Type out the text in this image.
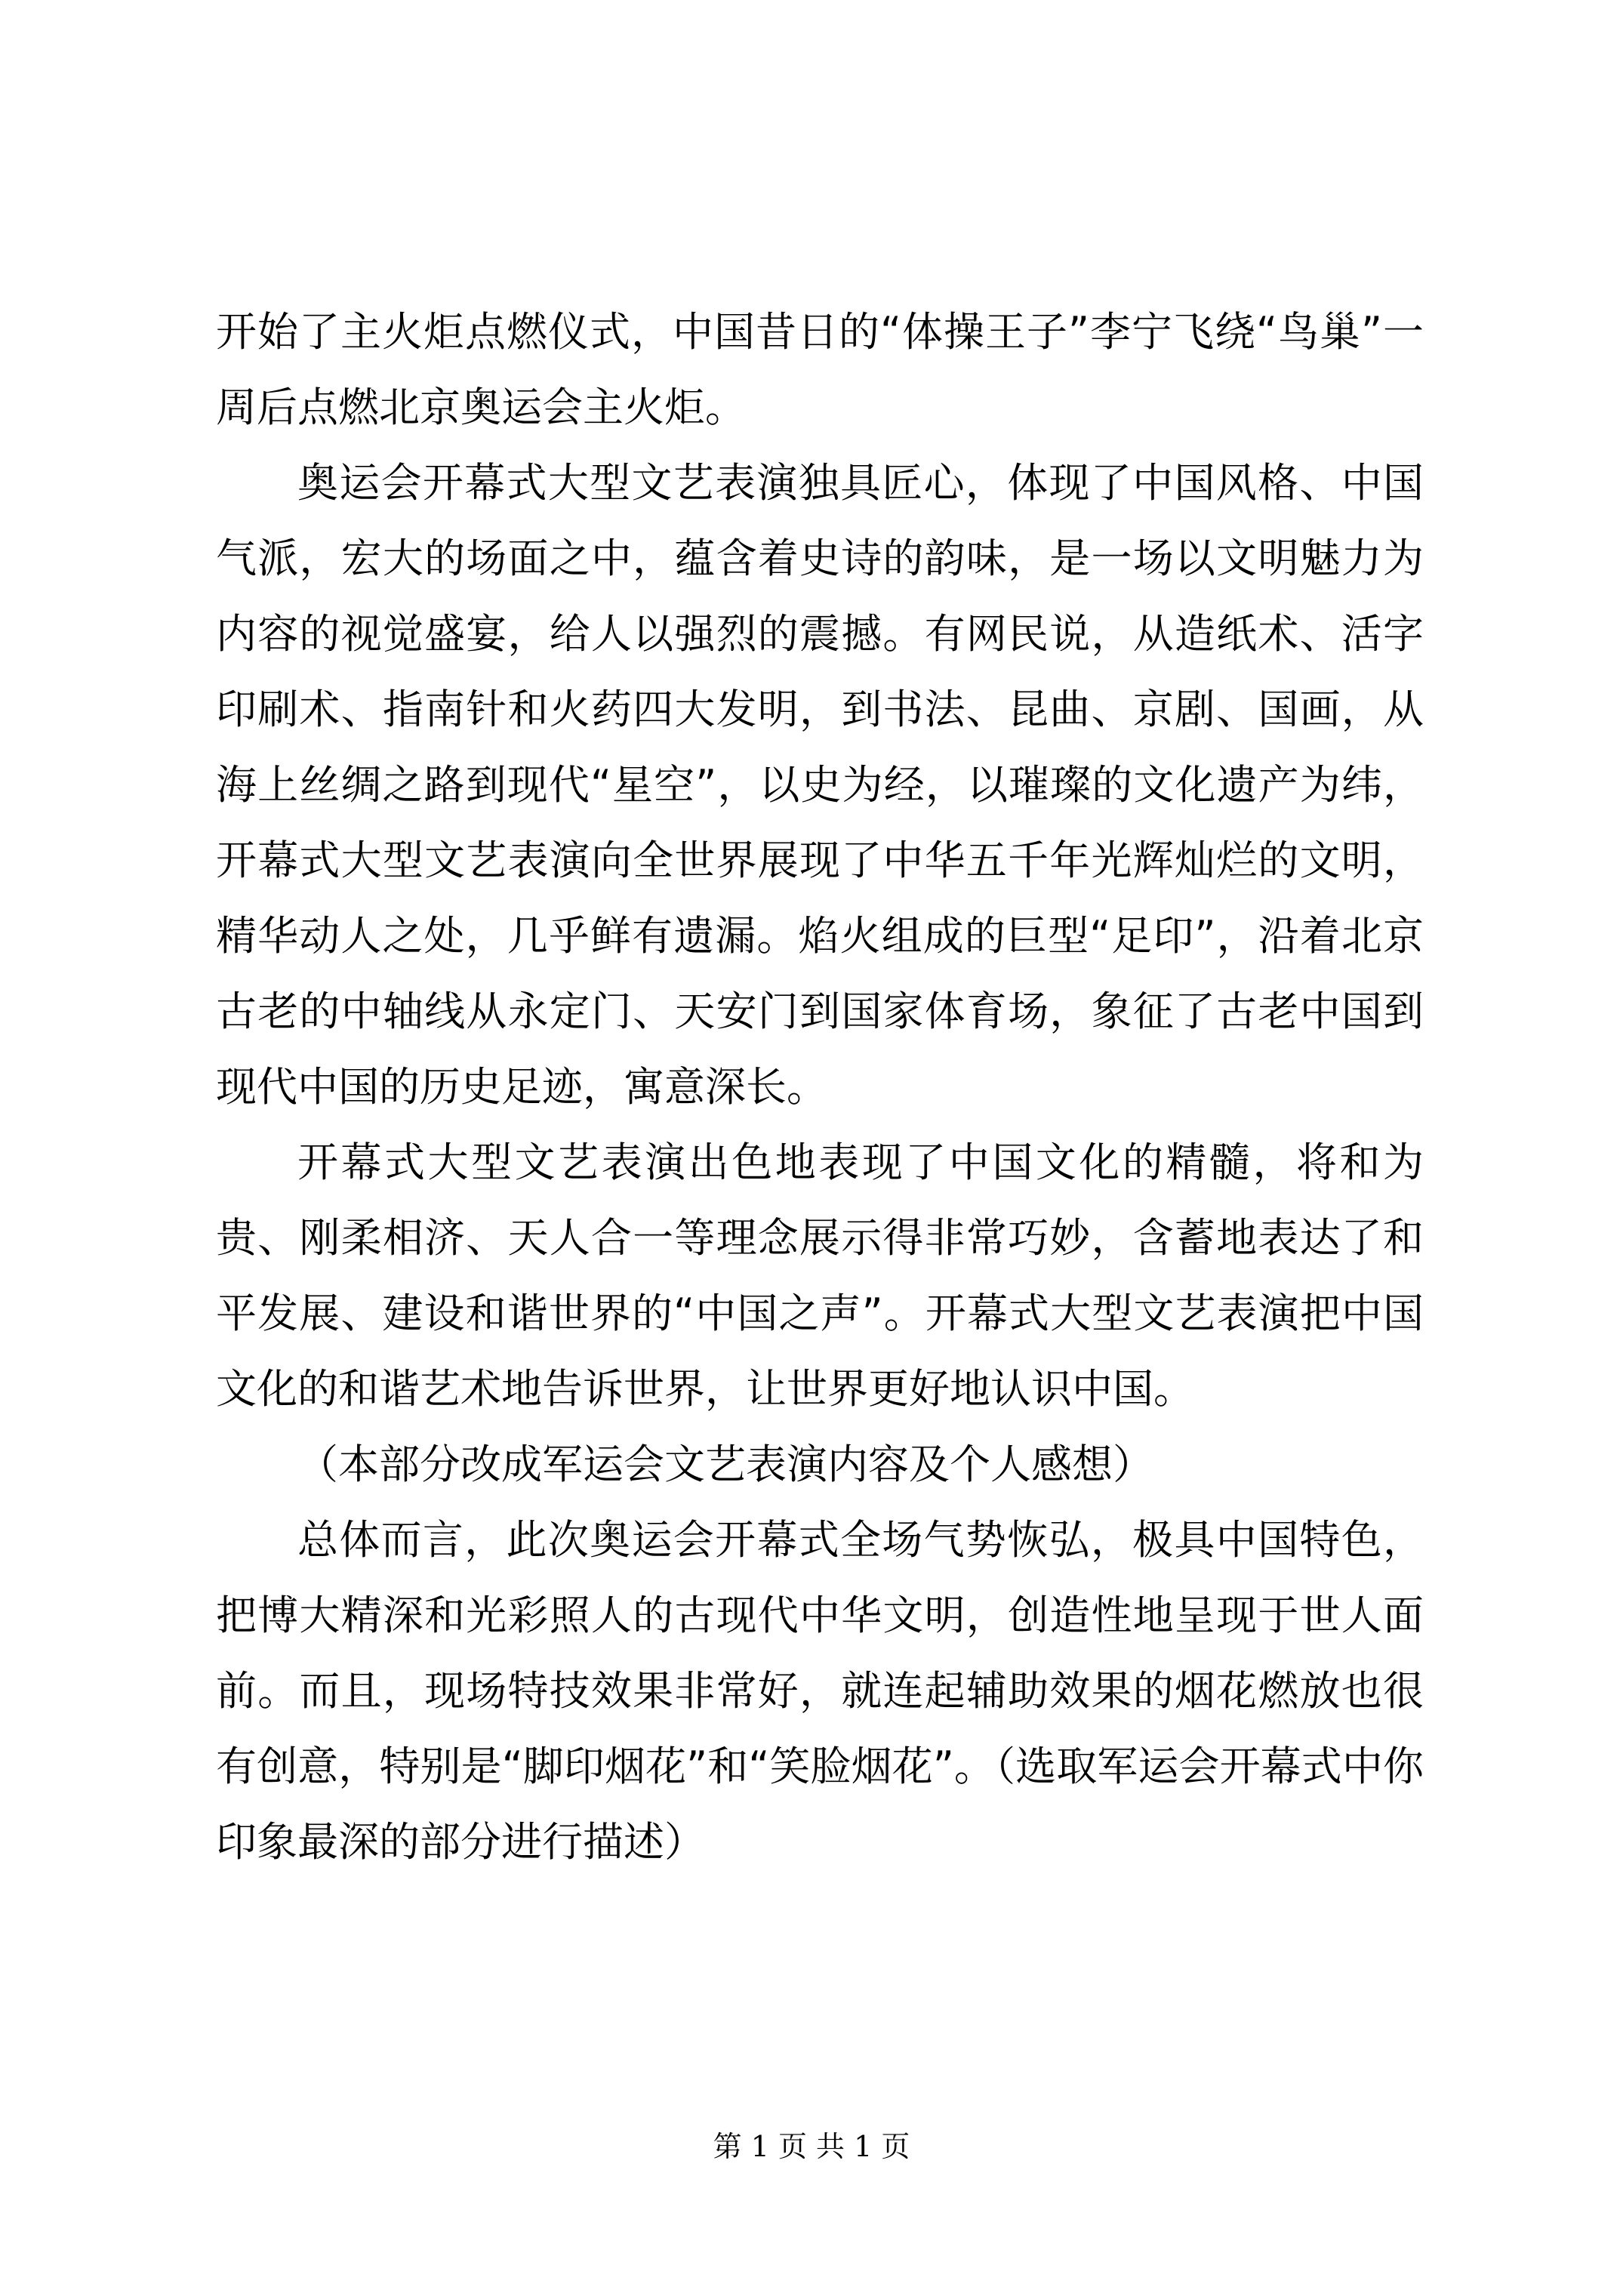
开始了主火炬点燃仪式，中国昔日的“体操王子”李宁飞绕“鸟巢”一周后点燃北京奥运会主火炬。

奥运会开幕式大型文艺表演独具匠心，体现了中国风格、中国气派，宏大的场面之中，蕴含着史诗的韵味，是一场以文明魅力为内容的视觉盛宴，给人以强烈的震撼。有网民说，从造纸术、活字印刷术、指南针和火药四大发明，到书法、昆曲、京剧、国画，从海上丝绸之路到现代“星空”，以史为经，以璀璨的文化遗产为纬，开幕式大型文艺表演向全世界展现了中华五千年光辉灿烂的文明，精华动人之处，几乎鲜有遗漏。焰火组成的巨型“足印”，沿着北京古老的中轴线从永定门、天安门到国家体育场，象征了古老中国到现代中国的历史足迹，寓意深长。

开幕式大型文艺表演出色地表现了中国文化的精髓，将和为贵、刚柔相济、天人合一等理念展示得非常巧妙，含蓄地表达了和平发展、建设和谐世界的“中国之声”。开幕式大型文艺表演把中国文化的和谐艺术地告诉世界，让世界更好地认识中国。

（本部分改成军运会文艺表演内容及个人感想）

总体而言，此次奥运会开幕式全场气势恢弘，极具中国特色，把博大精深和光彩照人的古现代中华文明，创造性地呈现于世人面前。而且，现场特技效果非常好，就连起辅助效果的烟花燃放也很有创意，特别是“脚印烟花”和“笑脸烟花”。（选取军运会开幕式中你印象最深的部分进行描述）

第 1 页 共 1 页
